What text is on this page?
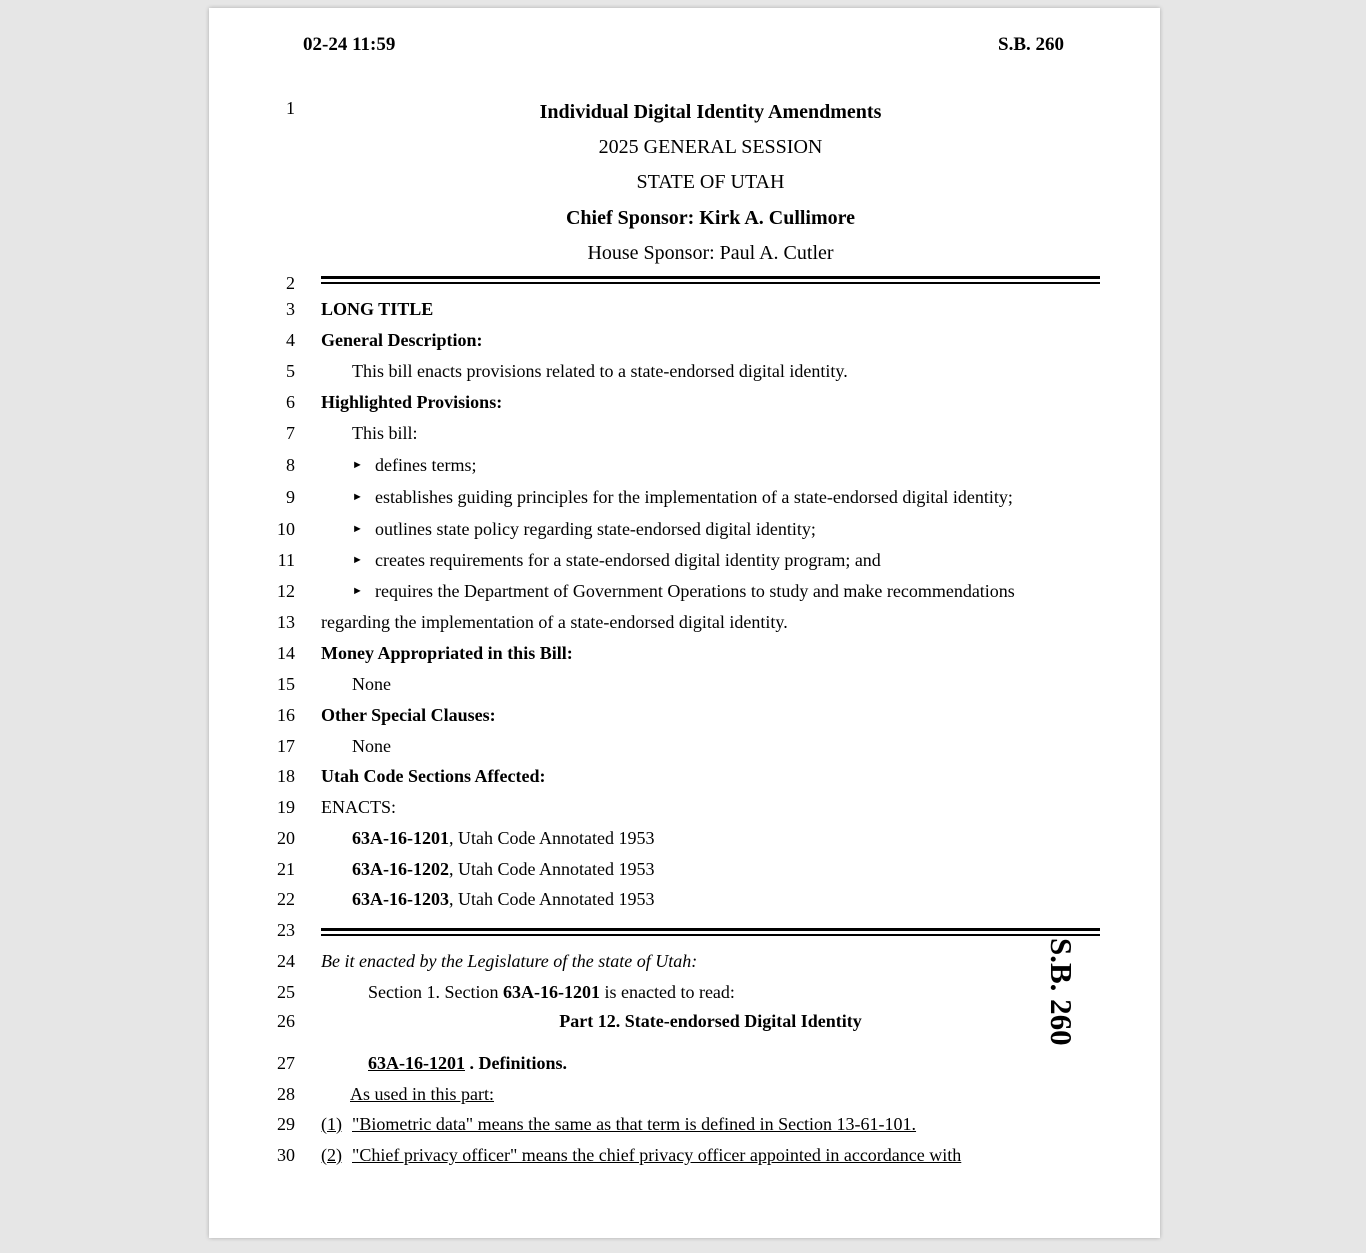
02-24 11:59	S.B. 260
1	Individual Digital Identity Amendments
2025 GENERAL SESSION
STATE OF UTAH
Chief Sponsor: Kirk A. Cullimore
House Sponsor: Paul A. Cutler
2
3 LONG TITLE
4 General Description:
5	This bill enacts provisions related to a state-endorsed digital identity.
6 Highlighted Provisions:
7	This bill:
8	► defines terms;
9	► establishes guiding principles for the implementation of a state-endorsed digital identity;
10	► outlines state policy regarding state-endorsed digital identity;
11	► creates requirements for a state-endorsed digital identity program; and
12	► requires the Department of Government Operations to study and make recommendations
13 regarding the implementation of a state-endorsed digital identity.
14 Money Appropriated in this Bill:
15	None
16 Other Special Clauses:
17	None
18 Utah Code Sections Affected:
19 ENACTS:
20	63A-16-1201, Utah Code Annotated 1953
21	63A-16-1202, Utah Code Annotated 1953
22	63A-16-1203, Utah Code Annotated 1953
23
24 Be it enacted by the Legislature of the state of Utah:
25	Section 1. Section 63A-16-1201 is enacted to read:
26	Part 12. State-endorsed Digital Identity
27	63A-16-1201 . Definitions.
28	As used in this part:
29 (1) "Biometric data" means the same as that term is defined in Section 13-61-101.
30 (2) "Chief privacy officer" means the chief privacy officer appointed in accordance with
S.B. 260
